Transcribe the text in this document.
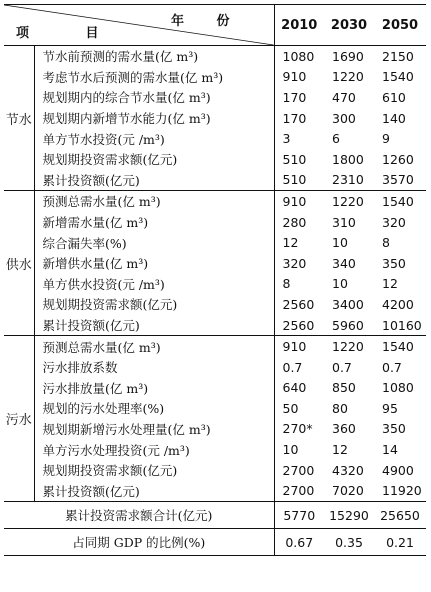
年 份
项 目		2010	2030	2050
节水	节水前预测的需水量(亿 m³)	1080	1690	2150
	考虑节水后预测的需水量(亿 m³)	910	1220	1540
	规划期内的综合节水量(亿 m³)	170	470	610
	规划期内新增节水能力(亿 m³)	170	300	140
	单方节水投资(元 /m³)	3	6	9
	规划期投资需求额(亿元)	510	1800	1260
	累计投资额(亿元)	510	2310	3570
供水	预测总需水量(亿 m³)	910	1220	1540
	新增需水量(亿 m³)	280	310	320
	综合漏失率(%)	12	10	8
	新增供水量(亿 m³)	320	340	350
	单方供水投资(元 /m³)	8	10	12
	规划期投资需求额(亿元)	2560	3400	4200
	累计投资额(亿元)	2560	5960	10160
污水	预测总需水量(亿 m³)	910	1220	1540
	污水排放系数	0.7	0.7	0.7
	污水排放量(亿 m³)	640	850	1080
	规划的污水处理率(%)	50	80	95
	规划期新增污水处理量(亿 m³)	270*	360	350
	单方污水处理投资(元 /m³)	10	12	14
	规划期投资需求额(亿元)	2700	4320	4900
	累计投资额(亿元)	2700	7020	11920
累计投资需求额合计(亿元)		5770	15290	25650
占同期 GDP 的比例(%)		0.67	0.35	0.21
